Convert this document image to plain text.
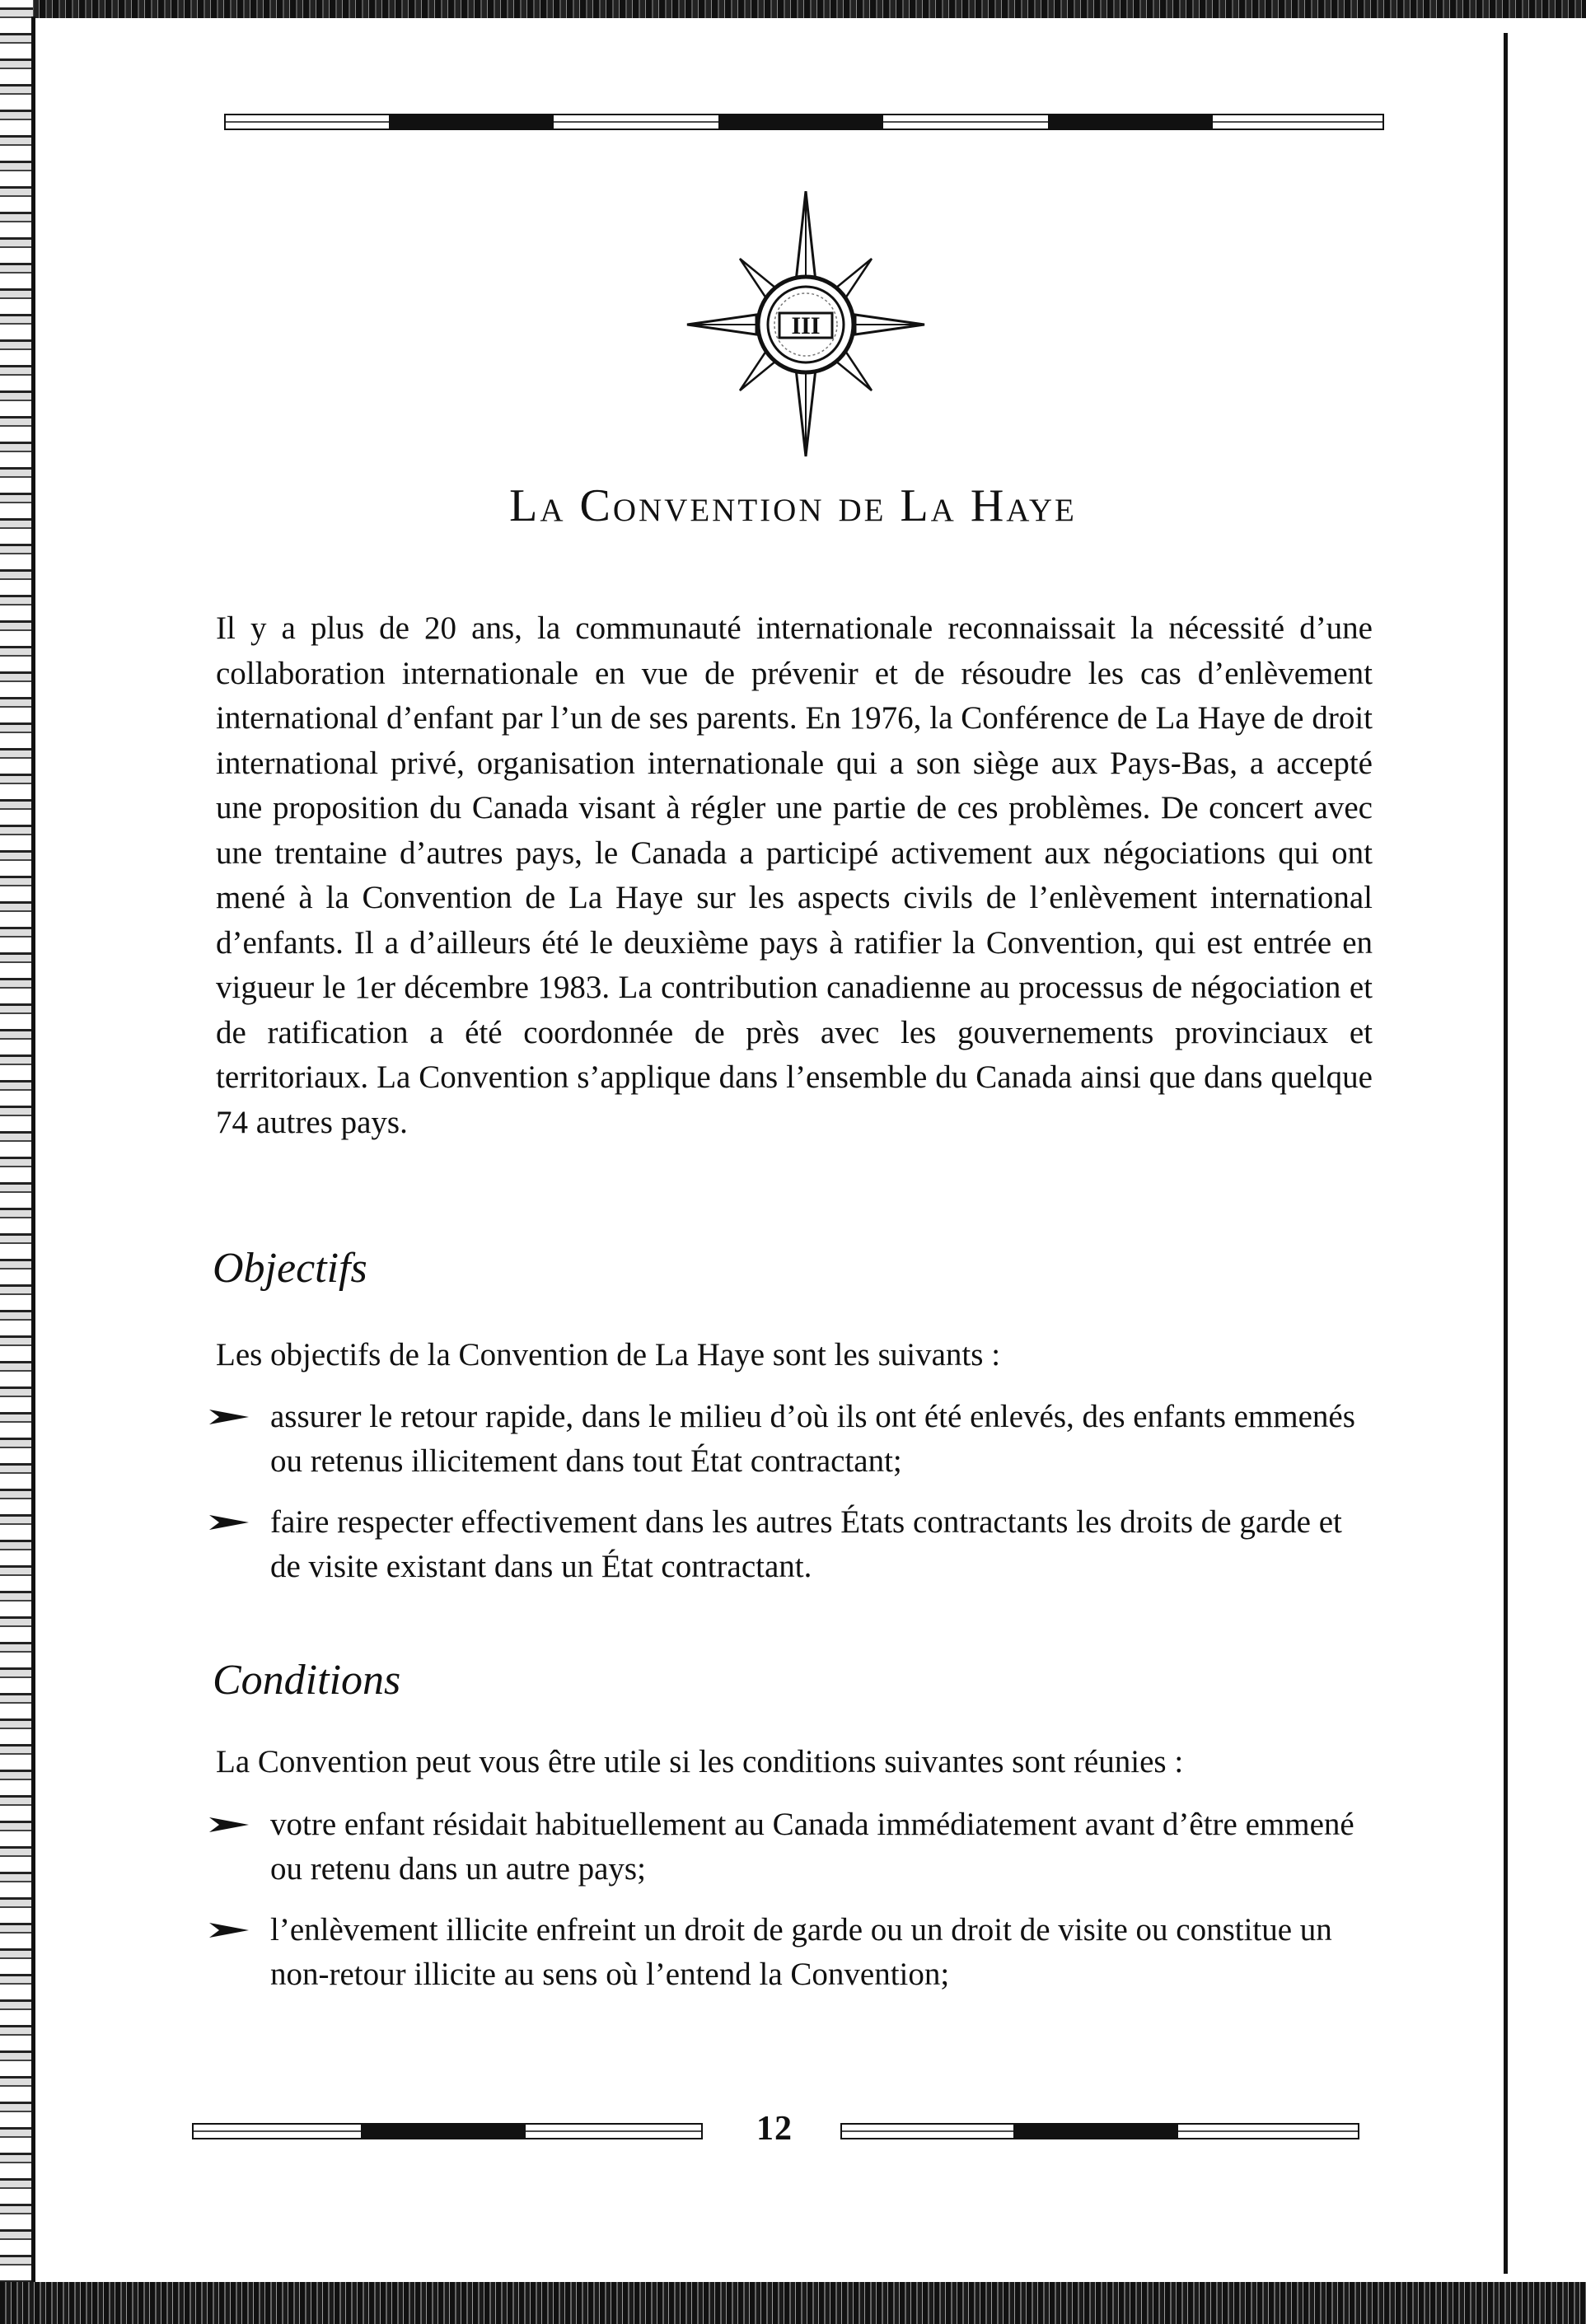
III
La Convention de La Haye

Il y a plus de 20 ans, la communauté internationale reconnaissait la nécessité d’une collaboration internationale en vue de prévenir et de résoudre les cas d’enlèvement international d’enfant par l’un de ses parents. En 1976, la Conférence de La Haye de droit international privé, organisation internationale qui a son siège aux Pays-Bas, a accepté une proposition du Canada visant à régler une partie de ces problèmes. De concert avec une trentaine d’autres pays, le Canada a participé activement aux négociations qui ont mené à la Convention de La Haye sur les aspects civils de l’enlèvement international d’enfants. Il a d’ailleurs été le deuxième pays à ratifier la Convention, qui est entrée en vigueur le 1er décembre 1983. La contribution canadienne au processus de négociation et de ratification a été coordonnée de près avec les gouvernements provinciaux et territoriaux. La Convention s’applique dans l’ensemble du Canada ainsi que dans quelque 74 autres pays.

Objectifs

Les objectifs de la Convention de La Haye sont les suivants :

assurer le retour rapide, dans le milieu d’où ils ont été enlevés, des enfants emmenés ou retenus illicitement dans tout État contractant;
faire respecter effectivement dans les autres États contractants les droits de garde et de visite existant dans un État contractant.
Conditions

La Convention peut vous être utile si les conditions suivantes sont réunies :

votre enfant résidait habituellement au Canada immédiatement avant d’être emmené ou retenu dans un autre pays;
l’enlèvement illicite enfreint un droit de garde ou un droit de visite ou constitue un non-retour illicite au sens où l’entend la Convention;
12
